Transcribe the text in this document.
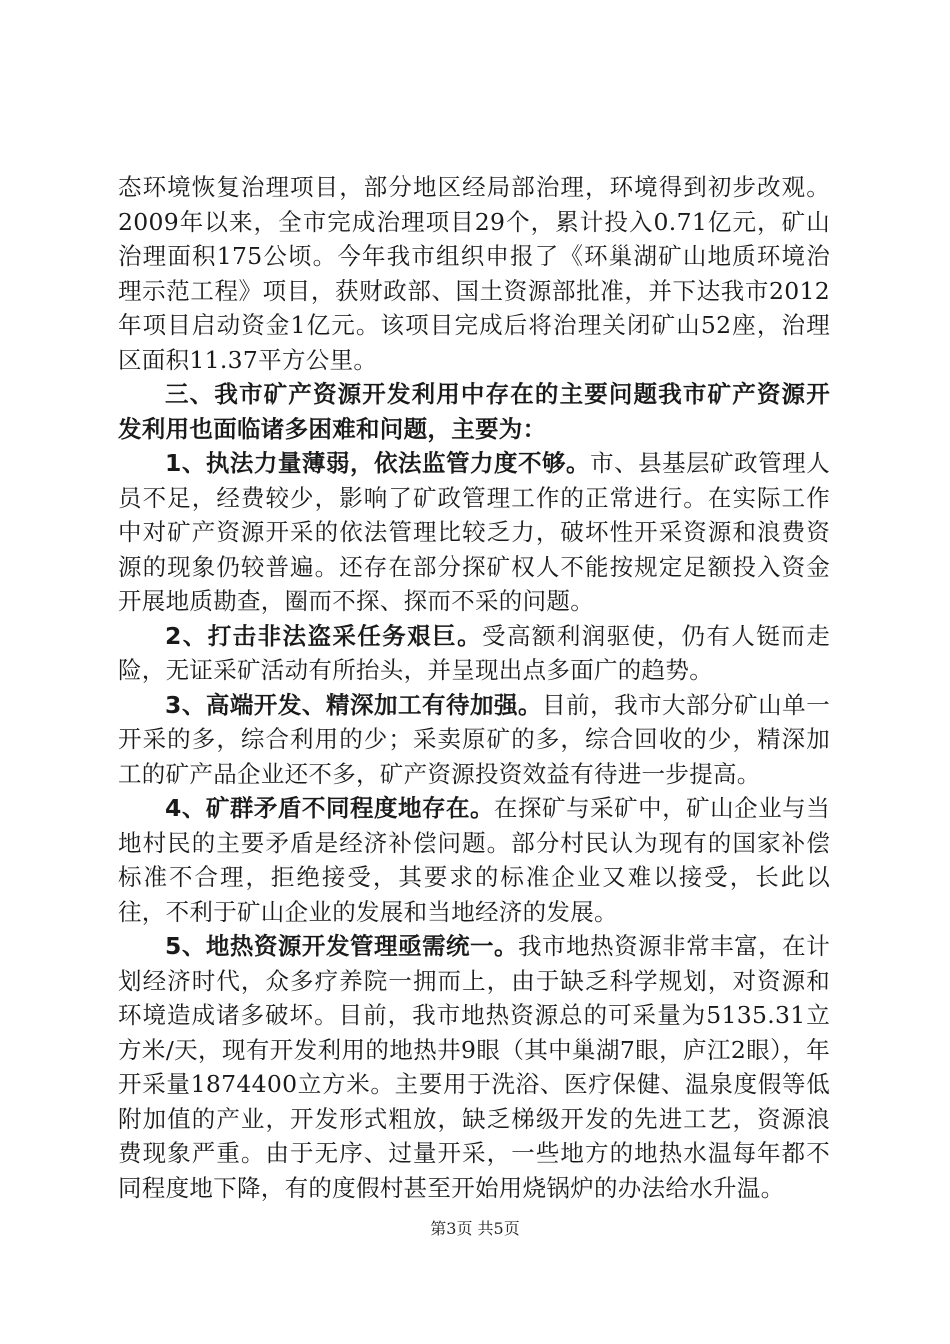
态环境恢复治理项目，部分地区经局部治理，环境得到初步改观。2009年以来，全市完成治理项目29个，累计投入0.71亿元，矿山治理面积175公顷。今年我市组织申报了《环巢湖矿山地质环境治理示范工程》项目，获财政部、国土资源部批准，并下达我市2012年项目启动资金1亿元。该项目完成后将治理关闭矿山52座，治理区面积11.37平方公里。

三、我市矿产资源开发利用中存在的主要问题我市矿产资源开发利用也面临诸多困难和问题，主要为：

1、执法力量薄弱，依法监管力度不够。市、县基层矿政管理人员不足，经费较少，影响了矿政管理工作的正常进行。在实际工作中对矿产资源开采的依法管理比较乏力，破坏性开采资源和浪费资源的现象仍较普遍。还存在部分探矿权人不能按规定足额投入资金开展地质勘查，圈而不探、探而不采的问题。

2、打击非法盗采任务艰巨。受高额利润驱使，仍有人铤而走险，无证采矿活动有所抬头，并呈现出点多面广的趋势。

3、高端开发、精深加工有待加强。目前，我市大部分矿山单一开采的多，综合利用的少；采卖原矿的多，综合回收的少，精深加工的矿产品企业还不多，矿产资源投资效益有待进一步提高。

4、矿群矛盾不同程度地存在。在探矿与采矿中，矿山企业与当地村民的主要矛盾是经济补偿问题。部分村民认为现有的国家补偿标准不合理，拒绝接受，其要求的标准企业又难以接受，长此以往，不利于矿山企业的发展和当地经济的发展。

5、地热资源开发管理亟需统一。我市地热资源非常丰富，在计划经济时代，众多疗养院一拥而上，由于缺乏科学规划，对资源和环境造成诸多破坏。目前，我市地热资源总的可采量为5135.31立方米/天，现有开发利用的地热井9眼（其中巢湖7眼，庐江2眼），年开采量1874400立方米。主要用于洗浴、医疗保健、温泉度假等低附加值的产业，开发形式粗放，缺乏梯级开发的先进工艺，资源浪费现象严重。由于无序、过量开采，一些地方的地热水温每年都不同程度地下降，有的度假村甚至开始用烧锅炉的办法给水升温。

第3页 共5页
